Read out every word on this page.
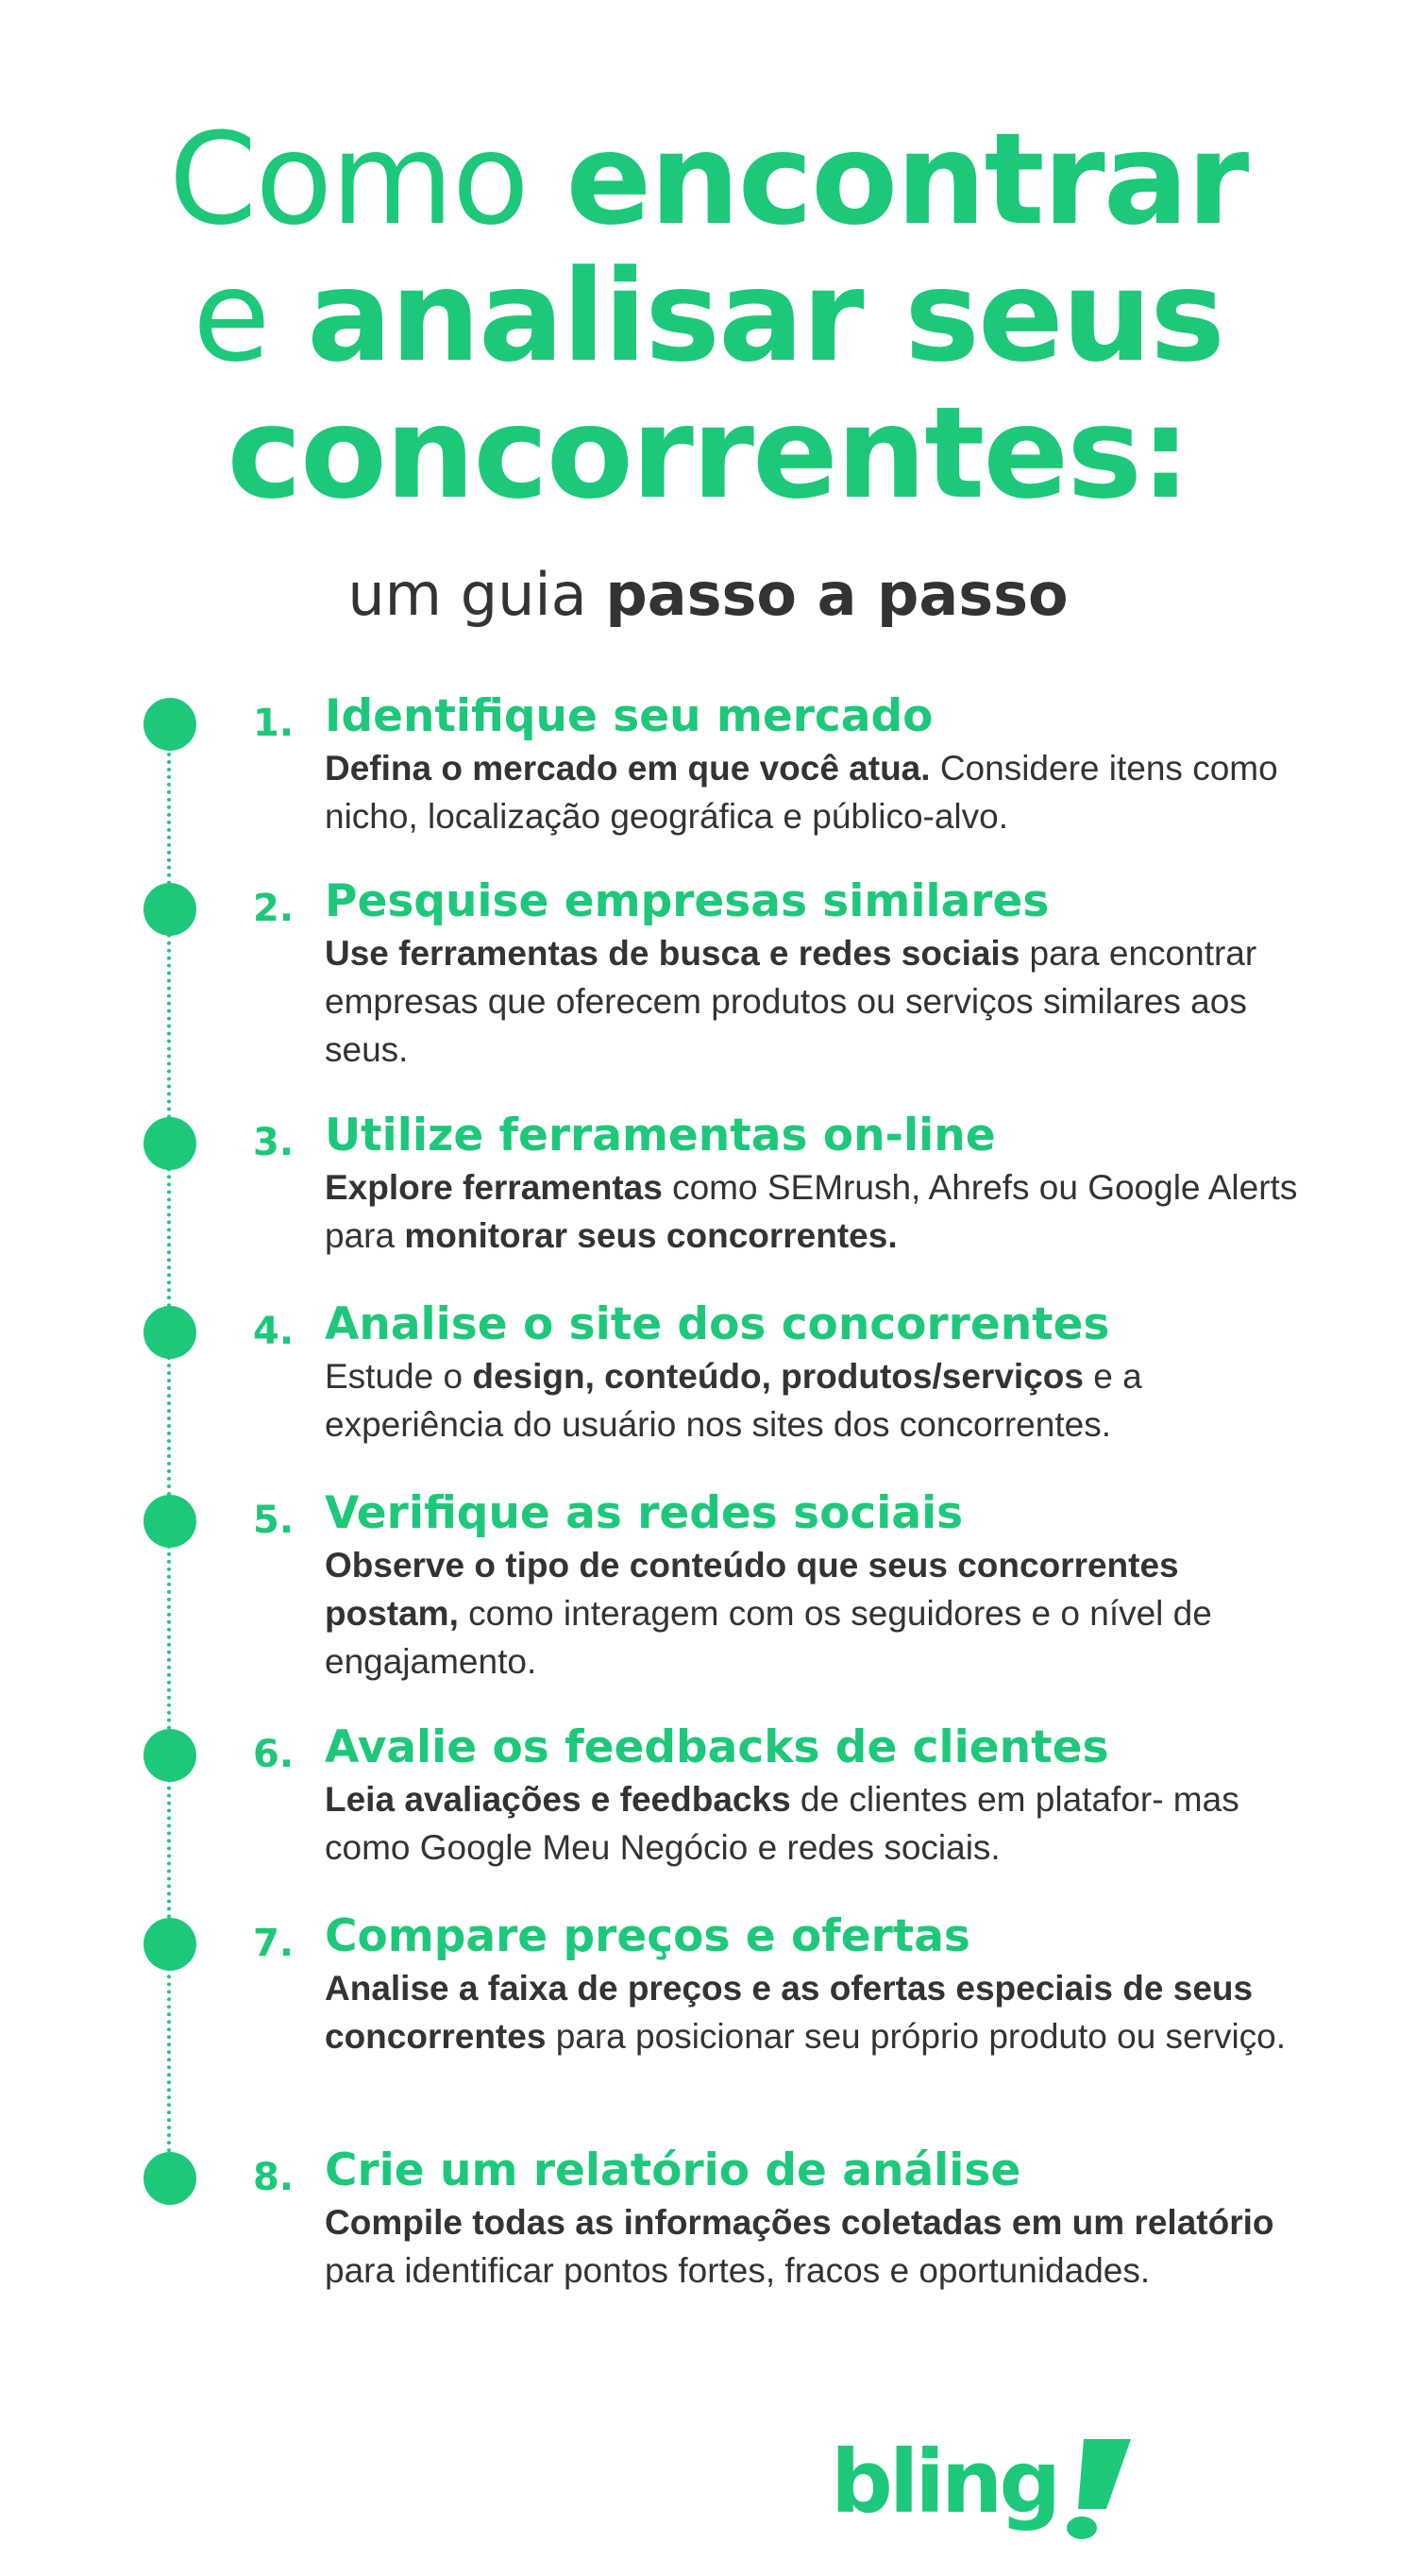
Como encontrar
e analisar seus
concorrentes:
um guia passo a passo
1. Identifique seu mercado
Defina o mercado em que você atua. Considere itens como nicho, localização geográfica e público-alvo.
2. Pesquise empresas similares
Use ferramentas de busca e redes sociais para encontrar empresas que oferecem produtos ou serviços similares aos seus.
3. Utilize ferramentas on-line
Explore ferramentas como SEMrush, Ahrefs ou Google Alerts para monitorar seus concorrentes.
4. Analise o site dos concorrentes
Estude o design, conteúdo, produtos/serviços e a experiência do usuário nos sites dos concorrentes.
5. Verifique as redes sociais
Observe o tipo de conteúdo que seus concorrentes postam, como interagem com os seguidores e o nível de engajamento.
6. Avalie os feedbacks de clientes
Leia avaliações e feedbacks de clientes em platafor- mas como Google Meu Negócio e redes sociais.
7. Compare preços e ofertas
Analise a faixa de preços e as ofertas especiais de seus concorrentes para posicionar seu próprio produto ou serviço.
8. Crie um relatório de análise
Compile todas as informações coletadas em um relatório para identificar pontos fortes, fracos e oportunidades.
bling
!
